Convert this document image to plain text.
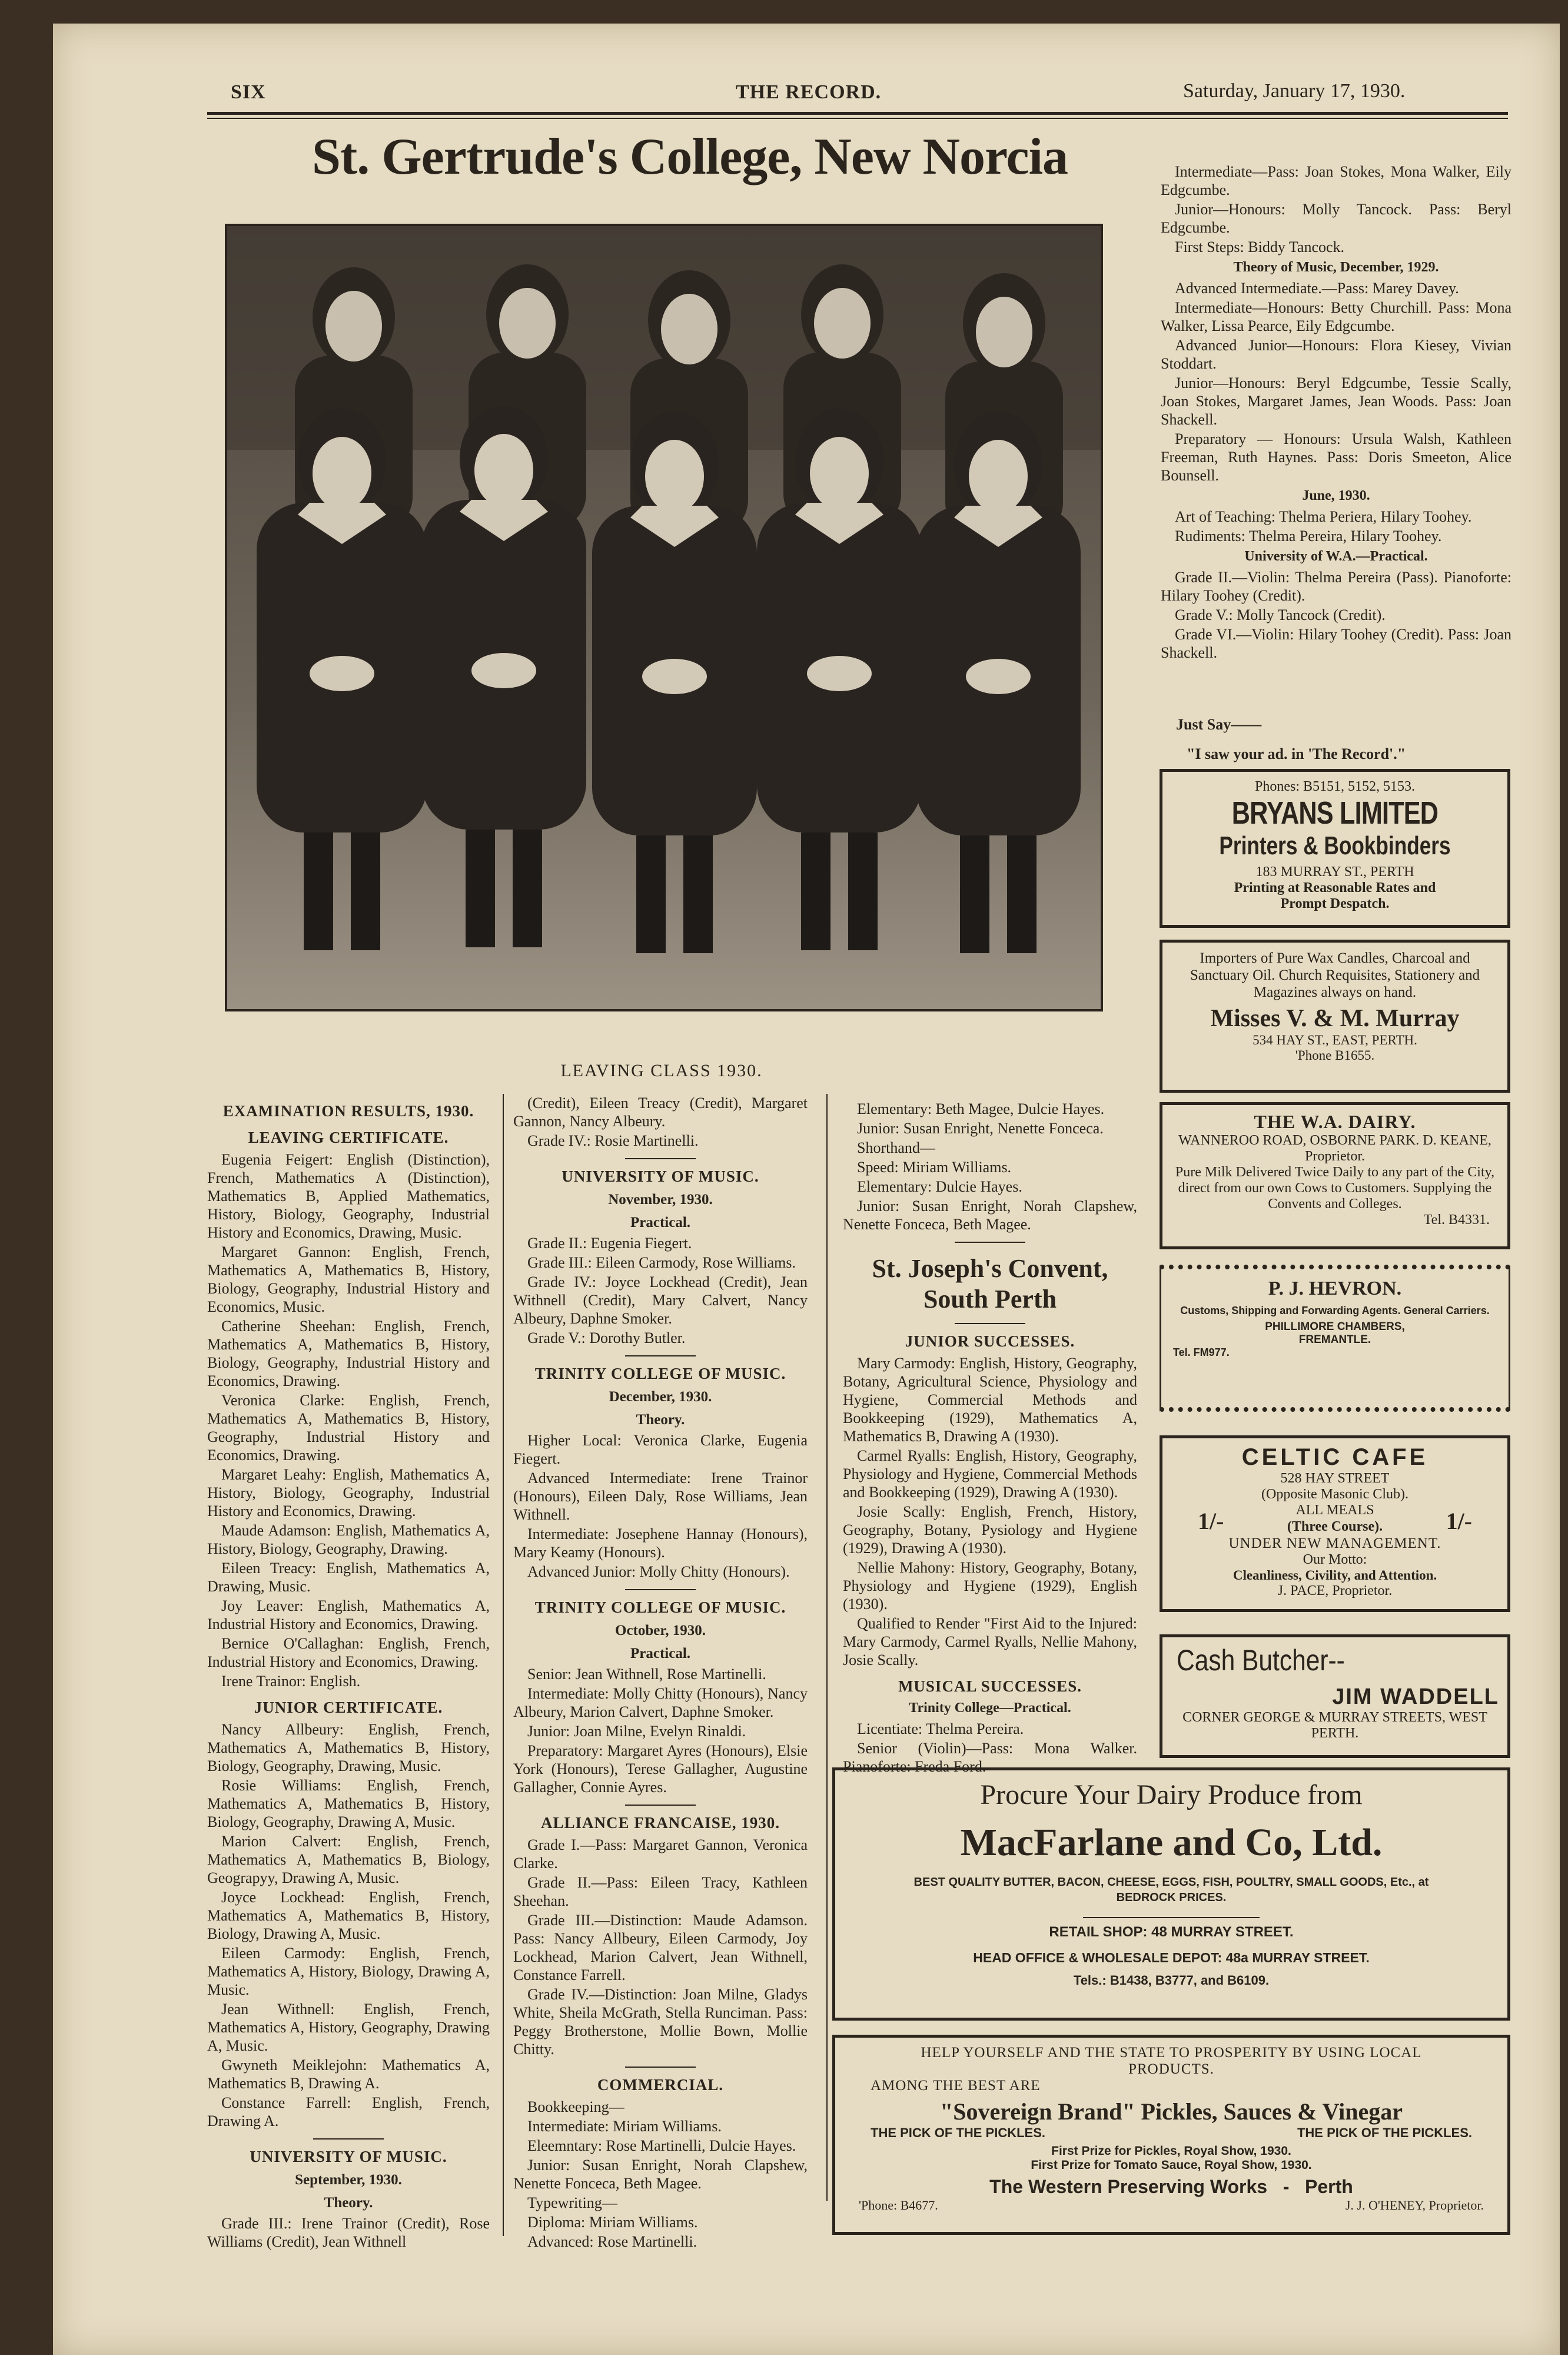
SIX	THE RECORD.	Saturday, January 17, 1930.
St. Gertrude's College, New Norcia
LEAVING CLASS 1930.
EXAMINATION RESULTS, 1930.
LEAVING CERTIFICATE.

Eugenia Feigert: English (Distinction), French, Mathematics A (Distinction), Mathematics B, Applied Mathematics, History, Biology, Geography, Industrial History and Economics, Drawing, Music.

Margaret Gannon: English, French, Mathematics A, Mathematics B, History, Biology, Geography, Industrial History and Economics, Music.

Catherine Sheehan: English, French, Mathematics A, Mathematics B, History, Biology, Geography, Industrial History and Economics, Drawing.

Veronica Clarke: English, French, Mathematics A, Mathematics B, History, Geography, Industrial History and Economics, Drawing.

Margaret Leahy: English, Mathematics A, History, Biology, Geography, Industrial History and Economics, Drawing.

Maude Adamson: English, Mathematics A, History, Biology, Geography, Drawing.

Eileen Treacy: English, Mathematics A, Drawing, Music.

Joy Leaver: English, Mathematics A, Industrial History and Economics, Drawing.

Bernice O'Callaghan: English, French, Industrial History and Economics, Drawing.

Irene Trainor: English.

JUNIOR CERTIFICATE.

Nancy Allbeury: English, French, Mathematics A, Mathematics B, History, Biology, Geography, Drawing, Music.

Rosie Williams: English, French, Mathematics A, Mathematics B, History, Biology, Geography, Drawing A, Music.

Marion Calvert: English, French, Mathematics A, Mathematics B, Biology, Geograpyy, Drawing A, Music.

Joyce Lockhead: English, French, Mathematics A, Mathematics B, History, Biology, Drawing A, Music.

Eileen Carmody: English, French, Mathematics A, History, Biology, Drawing A, Music.

Jean Withnell: English, French, Mathematics A, History, Geography, Drawing A, Music.

Gwyneth Meiklejohn: Mathematics A, Mathematics B, Drawing A.

Constance Farrell: English, French, Drawing A.

UNIVERSITY OF MUSIC.
September, 1930.
Theory.

Grade III.: Irene Trainor (Credit), Rose Williams (Credit), Jean Withnell

(Credit), Eileen Treacy (Credit), Margaret Gannon, Nancy Albeury.

Grade IV.: Rosie Martinelli.

UNIVERSITY OF MUSIC.
November, 1930.
Practical.

Grade II.: Eugenia Fiegert.

Grade III.: Eileen Carmody, Rose Williams.

Grade IV.: Joyce Lockhead (Credit), Jean Withnell (Credit), Mary Calvert, Nancy Albeury, Daphne Smoker.

Grade V.: Dorothy Butler.

TRINITY COLLEGE OF MUSIC.
December, 1930.
Theory.

Higher Local: Veronica Clarke, Eugenia Fiegert.

Advanced Intermediate: Irene Trainor (Honours), Eileen Daly, Rose Williams, Jean Withnell.

Intermediate: Josephene Hannay (Honours), Mary Keamy (Honours).

Advanced Junior: Molly Chitty (Honours).

TRINITY COLLEGE OF MUSIC.
October, 1930.
Practical.

Senior: Jean Withnell, Rose Martinelli.

Intermediate: Molly Chitty (Honours), Nancy Albeury, Marion Calvert, Daphne Smoker.

Junior: Joan Milne, Evelyn Rinaldi.

Preparatory: Margaret Ayres (Honours), Elsie York (Honours), Terese Gallagher, Augustine Gallagher, Connie Ayres.

ALLIANCE FRANCAISE, 1930.

Grade I.—Pass: Margaret Gannon, Veronica Clarke.

Grade II.—Pass: Eileen Tracy, Kathleen Sheehan.

Grade III.—Distinction: Maude Adamson. Pass: Nancy Allbeury, Eileen Carmody, Joy Lockhead, Marion Calvert, Jean Withnell, Constance Farrell.

Grade IV.—Distinction: Joan Milne, Gladys White, Sheila McGrath, Stella Runciman. Pass: Peggy Brotherstone, Mollie Bown, Mollie Chitty.

COMMERCIAL.

Bookkeeping—

Intermediate: Miriam Williams.

Eleemntary: Rose Martinelli, Dulcie Hayes.

Junior: Susan Enright, Norah Clapshew, Nenette Fonceca, Beth Magee.

Typewriting—

Diploma: Miriam Williams.

Advanced: Rose Martinelli.

Elementary: Beth Magee, Dulcie Hayes.

Junior: Susan Enright, Nenette Fonceca.

Shorthand—

Speed: Miriam Williams.

Elementary: Dulcie Hayes.

Junior: Susan Enright, Norah Clapshew, Nenette Fonceca, Beth Magee.

St. Joseph's Convent, South Perth
JUNIOR SUCCESSES.

Mary Carmody: English, History, Geography, Botany, Agricultural Science, Physiology and Hygiene, Commercial Methods and Bookkeeping (1929), Mathematics A, Mathematics B, Drawing A (1930).

Carmel Ryalls: English, History, Geography, Physiology and Hygiene, Commercial Methods and Bookkeeping (1929), Drawing A (1930).

Josie Scally: English, French, History, Geography, Botany, Pysiology and Hygiene (1929), Drawing A (1930).

Nellie Mahony: History, Geography, Botany, Physiology and Hygiene (1929), English (1930).

Qualified to Render "First Aid to the Injured: Mary Carmody, Carmel Ryalls, Nellie Mahony, Josie Scally.

MUSICAL SUCCESSES.
Trinity College—Practical.

Licentiate: Thelma Pereira.

Senior (Violin)—Pass: Mona Walker. Pianoforte: Freda Ford.

Intermediate—Pass: Joan Stokes, Mona Walker, Eily Edgcumbe.

Junior—Honours: Molly Tancock. Pass: Beryl Edgcumbe.

First Steps: Biddy Tancock.

Theory of Music, December, 1929.

Advanced Intermediate.—Pass: Marey Davey.

Intermediate—Honours: Betty Churchill. Pass: Mona Walker, Lissa Pearce, Eily Edgcumbe.

Advanced Junior—Honours: Flora Kiesey, Vivian Stoddart.

Junior—Honours: Beryl Edgcumbe, Tessie Scally, Joan Stokes, Margaret James, Jean Woods. Pass: Joan Shackell.

Preparatory — Honours: Ursula Walsh, Kathleen Freeman, Ruth Haynes. Pass: Doris Smeeton, Alice Bounsell.

June, 1930.

Art of Teaching: Thelma Periera, Hilary Toohey.

Rudiments: Thelma Pereira, Hilary Toohey.

University of W.A.—Practical.

Grade II.—Violin: Thelma Pereira (Pass). Pianoforte: Hilary Toohey (Credit).

Grade V.: Molly Tancock (Credit).

Grade VI.—Violin: Hilary Toohey (Credit). Pass: Joan Shackell.

Just Say——
"I saw your ad. in 'The Record'."
Phones: B5151, 5152, 5153.
BRYANS LIMITED
Printers & Bookbinders
183 MURRAY ST., PERTH
Printing at Reasonable Rates and
Prompt Despatch.
Importers of Pure Wax Candles, Charcoal and Sanctuary Oil. Church Requisites, Stationery and Magazines always on hand.
Misses V. & M. Murray
534 HAY ST., EAST, PERTH.
'Phone B1655.
THE W.A. DAIRY.
WANNEROO ROAD, OSBORNE PARK. D. KEANE, Proprietor.
Pure Milk Delivered Twice Daily to any part of the City, direct from our own Cows to Customers. Supplying the Convents and Colleges.
Tel. B4331.
P. J. HEVRON.
Customs, Shipping and Forwarding Agents. General Carriers.
PHILLIMORE CHAMBERS,
FREMANTLE.
Tel. FM977.
CELTIC CAFE
528 HAY STREET
(Opposite Masonic Club).
1/-	ALL MEALS
(Three Course).	1/-
UNDER NEW MANAGEMENT.
Our Motto:
Cleanliness, Civility, and Attention.
J. PACE, Proprietor.
Cash Butcher--
JIM WADDELL
CORNER GEORGE & MURRAY STREETS, WEST PERTH.
Procure Your Dairy Produce from
MacFarlane and Co, Ltd.
BEST QUALITY BUTTER, BACON, CHEESE, EGGS, FISH, POULTRY, SMALL GOODS, Etc., at BEDROCK PRICES.
RETAIL SHOP: 48 MURRAY STREET.
HEAD OFFICE & WHOLESALE DEPOT: 48a MURRAY STREET.
Tels.: B1438, B3777, and B6109.
HELP YOURSELF AND THE STATE TO PROSPERITY BY USING LOCAL PRODUCTS.
AMONG THE BEST ARE
"Sovereign Brand" Pickles, Sauces & Vinegar
THE PICK OF THE PICKLES.	THE PICK OF THE PICKLES.
First Prize for Pickles, Royal Show, 1930.
First Prize for Tomato Sauce, Royal Show, 1930.
The Western Preserving Works   -   Perth
'Phone: B4677.	J. J. O'HENEY, Proprietor.
